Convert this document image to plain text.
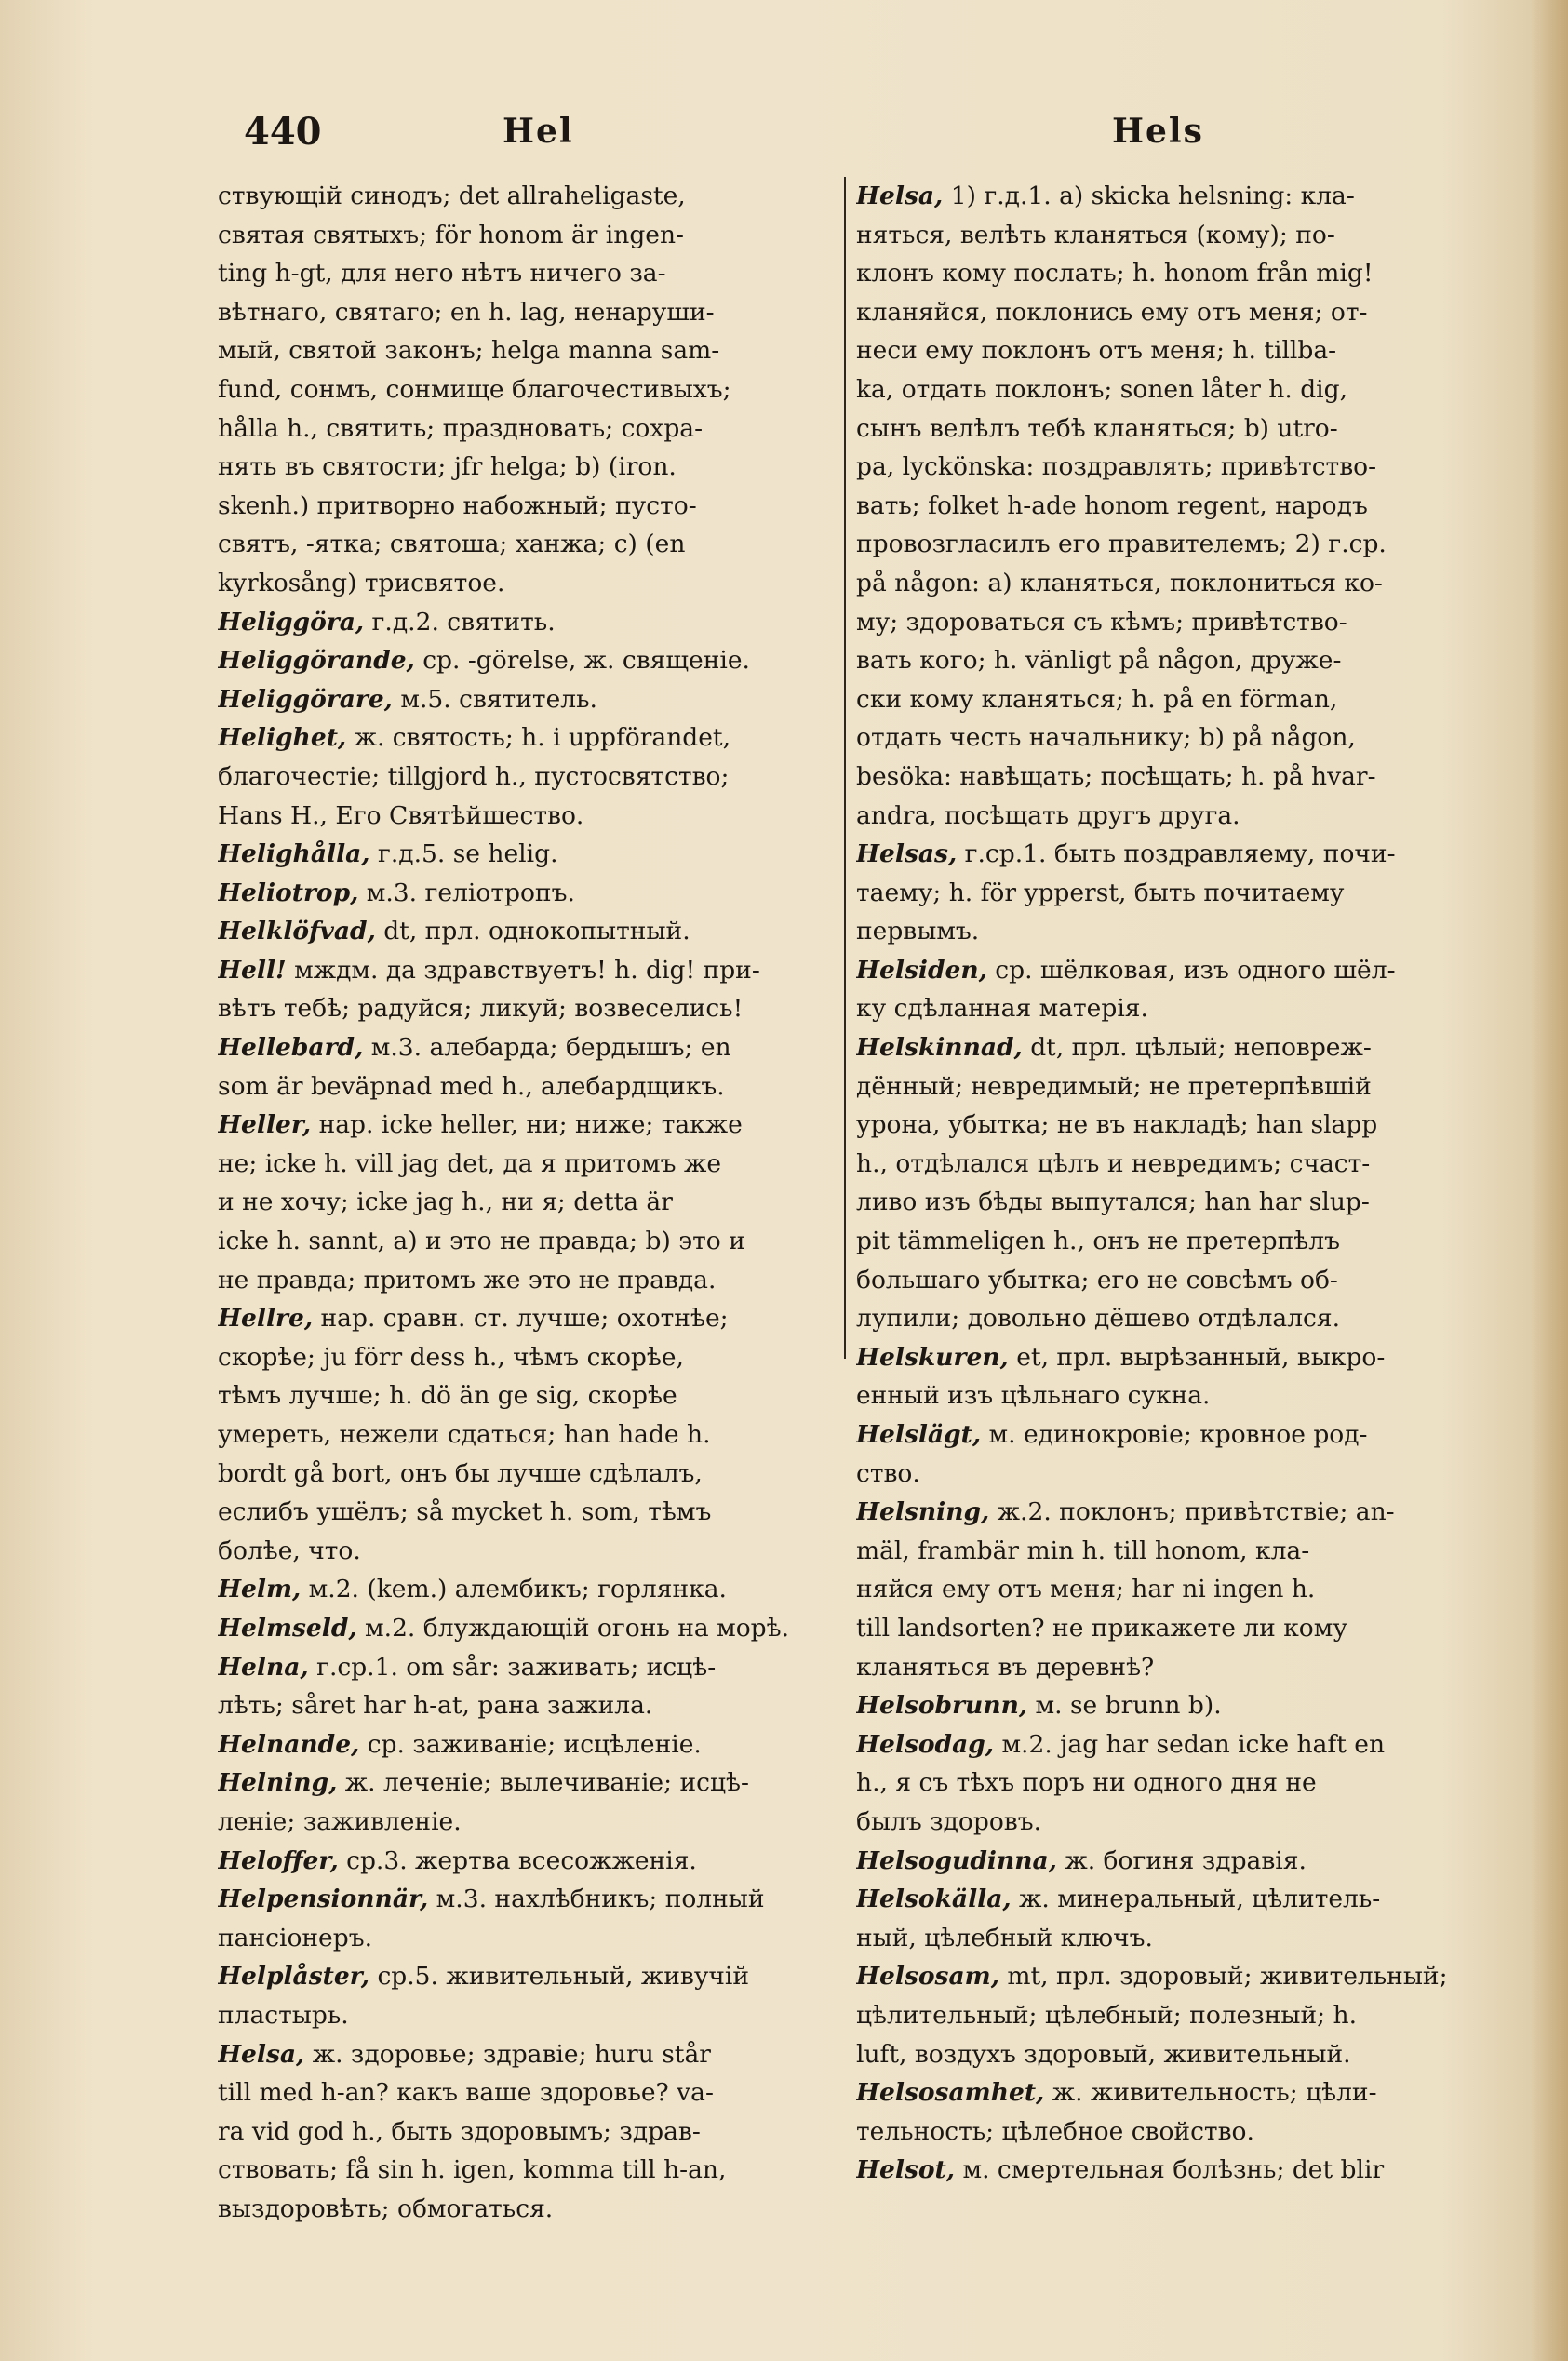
440	Hel	Hels
ствующій синодъ; det allraheligaste,
святая святыхъ; för honom är ingen-
ting h-gt, для него нѣтъ ничего за-
вѣтнаго, святаго; en h. lag, ненаруши-
мый, святой законъ; helga manna sam-
fund, сонмъ, сонмище благочестивыхъ;
hålla h., святить; праздновать; сохра-
нять въ святости; jfr helga; b) (iron.
skenh.) притворно набожный; пусто-
святъ, -ятка; святоша; ханжа; c) (en
kyrkosång) трисвятое.
Heliggöra, г.д.2. святить.
Heliggörande, ср. -görelse, ж. священіе.
Heliggörare, м.5. святитель.
Helighet, ж. святость; h. i uppförandet,
благочестіе; tillgjord h., пустосвятство;
Hans H., Его Святѣйшество.
Helighålla, г.д.5. se helig.
Heliotrop, м.3. геліотропъ.
Helklöfvad, dt, прл. однокопытный.
Hell! мждм. да здравствуетъ! h. dig! при-
вѣтъ тебѣ; радуйся; ликуй; возвеселись!
Hellebard, м.3. алебарда; бердышъ; en
som är beväpnad med h., алебардщикъ.
Heller, нар. icke heller, ни; ниже; также
не; icke h. vill jag det, да я притомъ же
и не хочу; icke jag h., ни я; detta är
icke h. sannt, a) и это не правда; b) это и
не правда; притомъ же это не правда.
Hellre, нар. сравн. ст. лучше; охотнѣе;
скорѣе; ju förr dess h., чѣмъ скорѣе,
тѣмъ лучше; h. dö än ge sig, скорѣе
умереть, нежели сдаться; han hade h.
bordt gå bort, онъ бы лучше сдѣлалъ,
еслибъ ушёлъ; så mycket h. som, тѣмъ
болѣе, что.
Helm, м.2. (kem.) алембикъ; горлянка.
Helmseld, м.2. блуждающій огонь на морѣ.
Helna, г.ср.1. om sår: заживать; исцѣ-
лѣть; såret har h-at, рана зажила.
Helnande, ср. заживаніе; исцѣленіе.
Helning, ж. леченіе; вылечиваніе; исцѣ-
леніе; заживленіе.
Heloffer, ср.3. жертва всесожженія.
Helpensionnär, м.3. нахлѣбникъ; полный
пансіонеръ.
Helplåster, ср.5. живительный, живучій
пластырь.
Helsa, ж. здоровье; здравіе; huru står
till med h-an? какъ ваше здоровье? va-
ra vid god h., быть здоровымъ; здрав-
ствовать; få sin h. igen, komma till h-an,
выздоровѣть; обмогаться.
Helsa, 1) г.д.1. a) skicka helsning: кла-
няться, велѣть кланяться (кому); по-
клонъ кому послать; h. honom från mig!
кланяйся, поклонись ему отъ меня; от-
неси ему поклонъ отъ меня; h. tillba-
ka, отдать поклонъ; sonen låter h. dig,
сынъ велѣлъ тебѣ кланяться; b) utro-
pa, lyckönska: поздравлять; привѣтство-
вать; folket h-ade honom regent, народъ
провозгласилъ его правителемъ; 2) г.ср.
på någon: a) кланяться, поклониться ко-
му; здороваться съ кѣмъ; привѣтство-
вать кого; h. vänligt på någon, друже-
ски кому кланяться; h. på en förman,
отдать честь начальнику; b) på någon,
besöka: навѣщать; посѣщать; h. på hvar-
andra, посѣщать другъ друга.
Helsas, г.ср.1. быть поздравляему, почи-
таему; h. för ypperst, быть почитаему
первымъ.
Helsiden, ср. шёлковая, изъ одного шёл-
ку сдѣланная матерія.
Helskinnad, dt, прл. цѣлый; неповреж-
дённый; невредимый; не претерпѣвшій
урона, убытка; не въ накладѣ; han slapp
h., отдѣлался цѣлъ и невредимъ; счаст-
ливо изъ бѣды выпутался; han har slup-
pit tämmeligen h., онъ не претерпѣлъ
большаго убытка; его не совсѣмъ об-
лупили; довольно дёшево отдѣлался.
Helskuren, et, прл. вырѣзанный, выкро-
енный изъ цѣльнаго сукна.
Helslägt, м. единокровіе; кровное род-
ство.
Helsning, ж.2. поклонъ; привѣтствіе; an-
mäl, frambär min h. till honom, кла-
няйся ему отъ меня; har ni ingen h.
till landsorten? не прикажете ли кому
кланяться въ деревнѣ?
Helsobrunn, м. se brunn b).
Helsodag, м.2. jag har sedan icke haft en
h., я съ тѣхъ поръ ни одного дня не
былъ здоровъ.
Helsogudinna, ж. богиня здравія.
Helsokälla, ж. минеральный, цѣлитель-
ный, цѣлебный ключъ.
Helsosam, mt, прл. здоровый; живительный;
цѣлительный; цѣлебный; полезный; h.
luft, воздухъ здоровый, живительный.
Helsosamhet, ж. живительность; цѣли-
тельность; цѣлебное свойство.
Helsot, м. смертельная болѣзнь; det blir
